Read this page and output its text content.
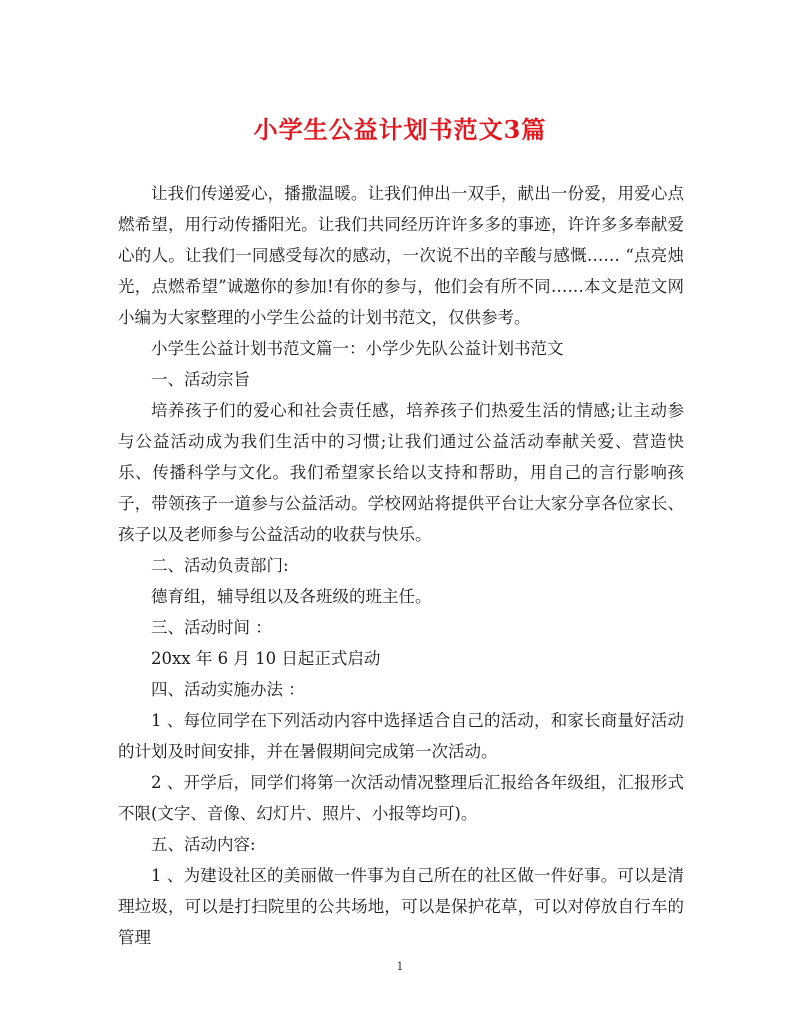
小学生公益计划书范文3篇

让我们传递爱心，播撒温暖。让我们伸出一双手，献出一份爱，用爱心点燃希望，用行动传播阳光。让我们共同经历许许多多的事迹，许许多多奉献爱心的人。让我们一同感受每次的感动，一次说不出的辛酸与感慨…… “点亮烛光，点燃希望”诚邀你的参加!有你的参与，他们会有所不同……本文是范文网小编为大家整理的小学生公益的计划书范文，仅供参考。

小学生公益计划书范文篇一：小学少先队公益计划书范文

一、活动宗旨

培养孩子们的爱心和社会责任感，培养孩子们热爱生活的情感;让主动参与公益活动成为我们生活中的习惯;让我们通过公益活动奉献关爱、营造快乐、传播科学与文化。我们希望家长给以支持和帮助，用自己的言行影响孩子，带领孩子一道参与公益活动。学校网站将提供平台让大家分享各位家长、孩子以及老师参与公益活动的收获与快乐。

二、活动负责部门:

德育组，辅导组以及各班级的班主任。

三、活动时间 ：

20xx 年 6 月 10 日起正式启动

四、活动实施办法 ：

1 、每位同学在下列活动内容中选择适合自己的活动，和家长商量好活动的计划及时间安排，并在暑假期间完成第一次活动。

2 、开学后，同学们将第一次活动情况整理后汇报给各年级组，汇报形式不限(文字、音像、幻灯片、照片、小报等均可)。

五、活动内容:

1 、为建设社区的美丽做一件事为自己所在的社区做一件好事。可以是清理垃圾，可以是打扫院里的公共场地，可以是保护花草，可以对停放自行车的管理

1
